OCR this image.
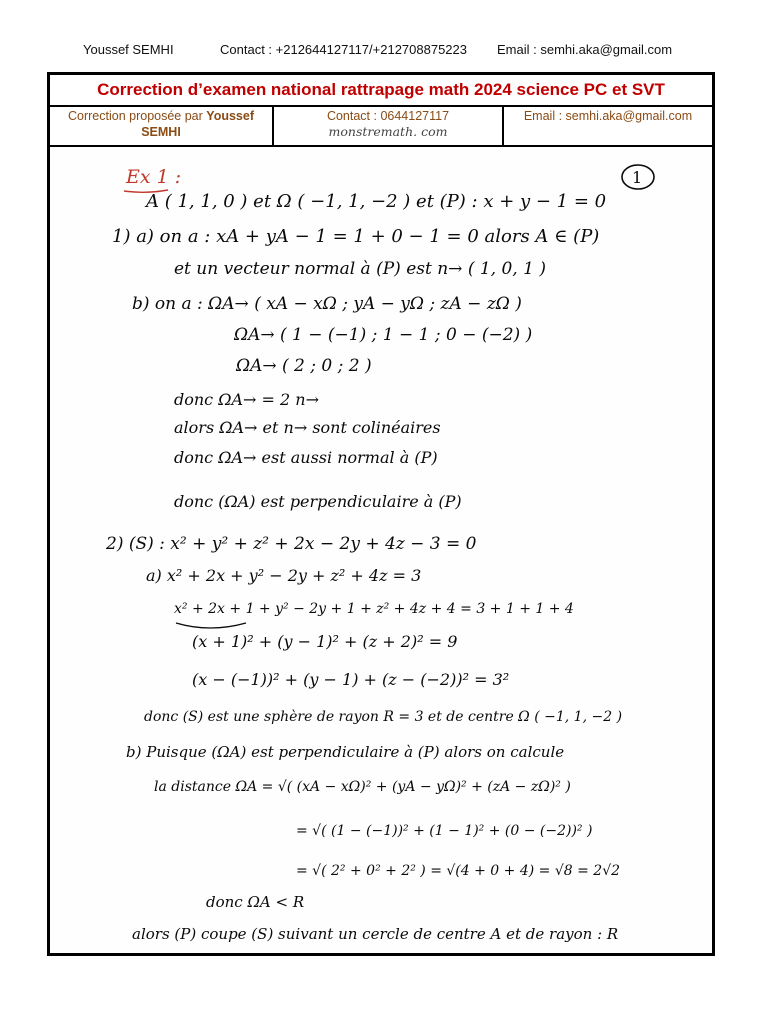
Youssef SEMHI	Contact : +212644127117/+212708875223 Email : semhi.aka@gmail.com
Correction d’examen national rattrapage math 2024 science PC et SVT
Correction proposée par Youssef
SEMHI
Contact : 0644127117
monstremath. com
Email : semhi.aka@gmail.com
1
Ex 1 :
A ( 1, 1, 0 ) et Ω ( −1, 1, −2 ) et (P) : x + y − 1 = 0
1) a) on a : xA + yA − 1 = 1 + 0 − 1 = 0 alors A ∈ (P)
et un vecteur normal à (P) est n→ ( 1, 0, 1 )
b) on a : ΩA→ ( xA − xΩ ; yA − yΩ ; zA − zΩ )
ΩA→ ( 1 − (−1) ; 1 − 1 ; 0 − (−2) )
ΩA→ ( 2 ; 0 ; 2 )
donc ΩA→ = 2 n→
alors ΩA→ et n→ sont colinéaires
donc ΩA→ est aussi normal à (P)
donc (ΩA) est perpendiculaire à (P)
2) (S) : x² + y² + z² + 2x − 2y + 4z − 3 = 0
a) x² + 2x + y² − 2y + z² + 4z = 3
x² + 2x + 1 + y² − 2y + 1 + z² + 4z + 4 = 3 + 1 + 1 + 4
(x + 1)² + (y − 1)² + (z + 2)² = 9
(x − (−1))² + (y − 1) + (z − (−2))² = 3²
donc (S) est une sphère de rayon R = 3 et de centre Ω ( −1, 1, −2 )
b) Puisque (ΩA) est perpendiculaire à (P) alors on calcule
la distance ΩA = √( (xA − xΩ)² + (yA − yΩ)² + (zA − zΩ)² )
= √( (1 − (−1))² + (1 − 1)² + (0 − (−2))² )
= √( 2² + 0² + 2² ) = √(4 + 0 + 4) = √8 = 2√2
donc ΩA < R
alors (P) coupe (S) suivant un cercle de centre A et de rayon : R
